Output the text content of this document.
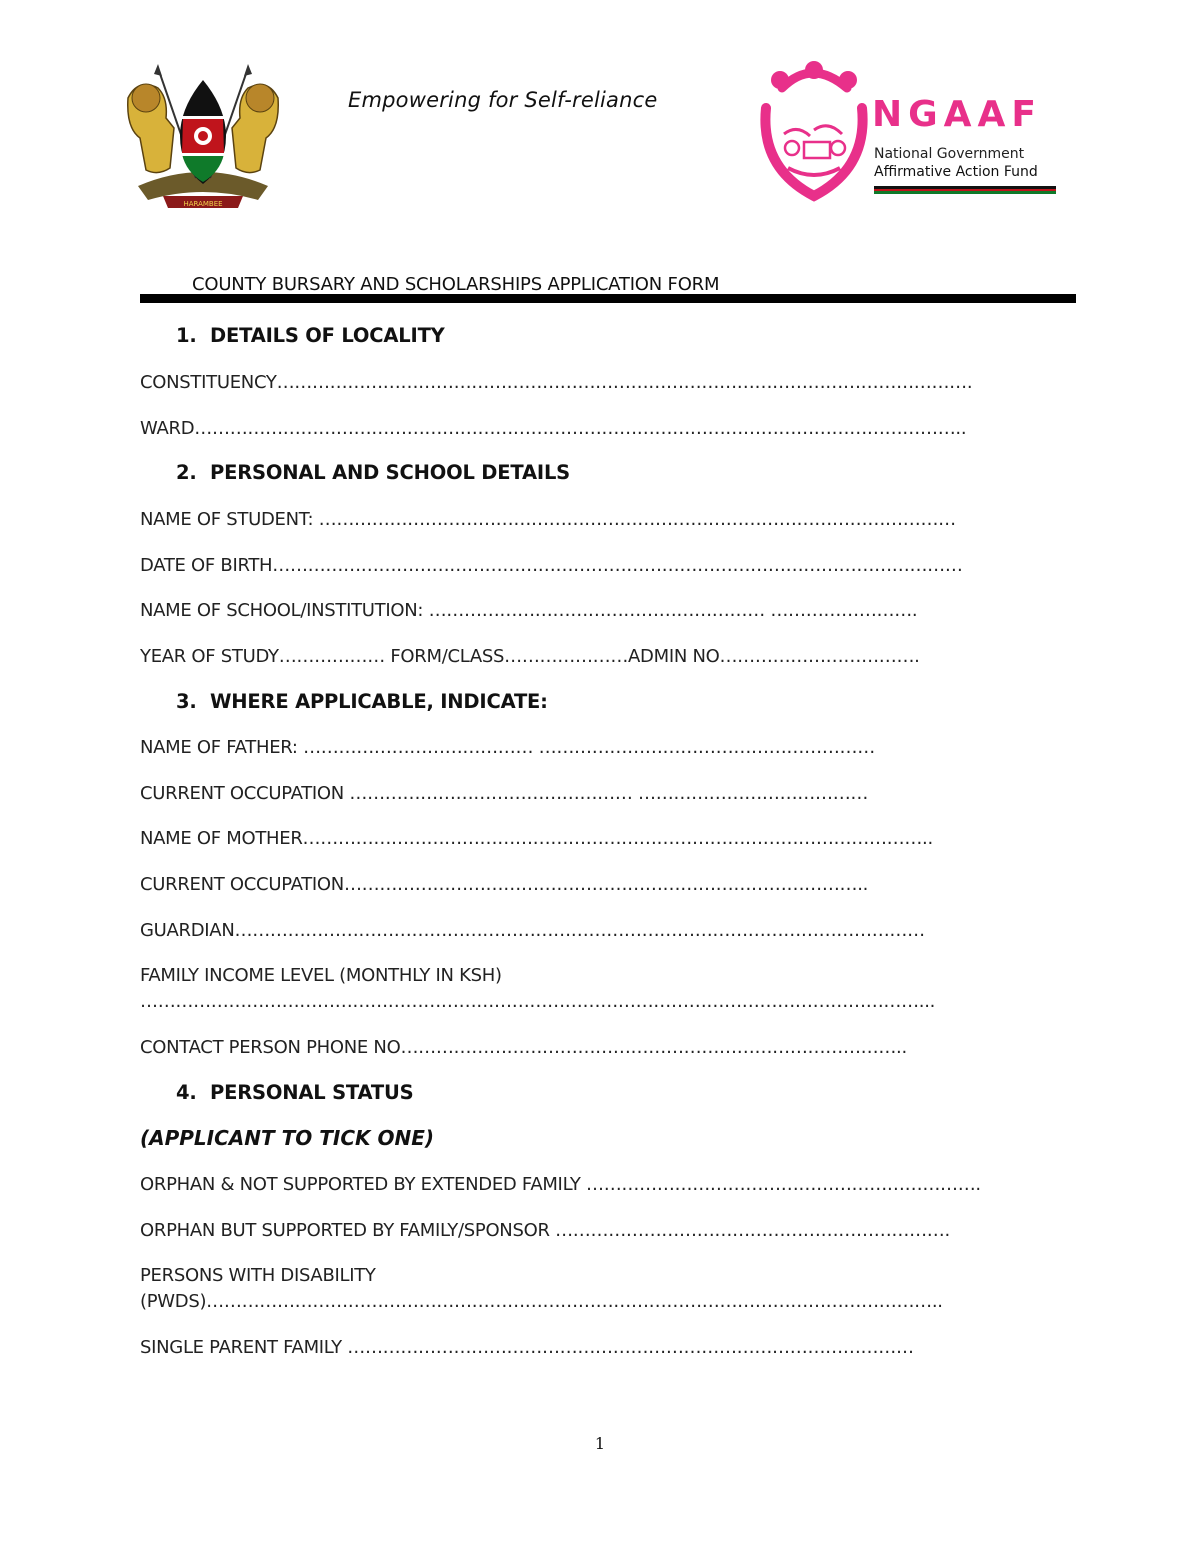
HARAMBEE
Empowering for Self-reliance	NGAAF
National Government
Affirmative Action Fund
COUNTY BURSARY AND SCHOLARSHIPS APPLICATION FORM
1. DETAILS OF LOCALITY
CONSTITUENCY……………………………………………………………………………………………………….
WARD…………………………………………………………………………………………………………………..
2. PERSONAL AND SCHOOL DETAILS
NAME OF STUDENT: ………………………………………………………………………………………………
DATE OF BIRTH………………………………………………………………………………………………………
NAME OF SCHOOL/INSTITUTION: ………………………………………………… …………………….
YEAR OF STUDY……………… FORM/CLASS…………………ADMIN NO…………………………….
3. WHERE APPLICABLE, INDICATE:
NAME OF FATHER: ………………………………… …………………………………………………
CURRENT OCCUPATION ………………………………………… …………………………………
NAME OF MOTHER……………………………………………………………………………………………..
CURRENT OCCUPATION……………………………………………………………………………..
GUARDIAN………………………………………………………………………………………………………
FAMILY INCOME LEVEL (MONTHLY IN KSH)
……………………………………………………………………………………………………………………...
CONTACT PERSON PHONE NO…………………………………………………………………………..
4. PERSONAL STATUS
(APPLICANT TO TICK ONE)
ORPHAN & NOT SUPPORTED BY EXTENDED FAMILY ………………………………………………………….
ORPHAN BUT SUPPORTED BY FAMILY/SPONSOR ………………………………………………………….
PERSONS WITH DISABILITY
(PWDS)……………………………………………………………………………………………………………..
SINGLE PARENT FAMILY ……………………………………………………………………………………
1
